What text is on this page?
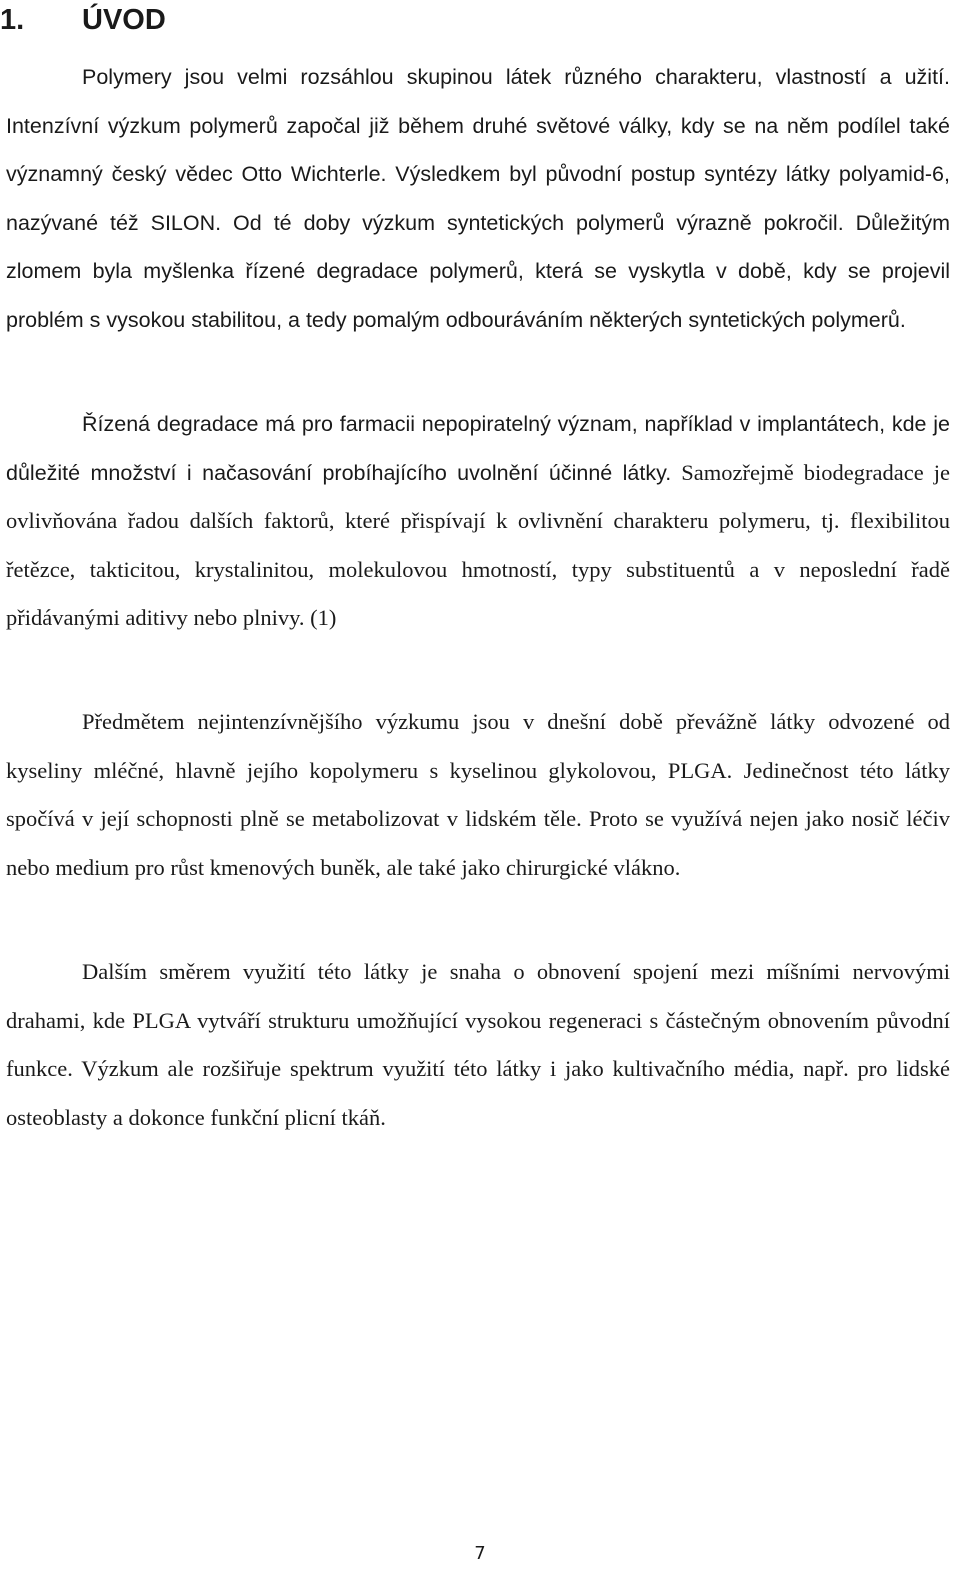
1. ÚVOD

Polymery jsou velmi rozsáhlou skupinou látek různého charakteru, vlastností a užití. Intenzívní výzkum polymerů započal již během druhé světové války, kdy se na něm podílel také významný český vědec Otto Wichterle. Výsledkem byl původní postup syntézy látky polyamid-6, nazývané též SILON. Od té doby výzkum syntetických polymerů výrazně pokročil. Důležitým zlomem byla myšlenka řízené degradace polymerů, která se vyskytla v době, kdy se projevil problém s vysokou stabilitou, a tedy pomalým odbouráváním některých syntetických polymerů.

Řízená degradace má pro farmacii nepopiratelný význam, například v implantátech, kde je důležité množství i načasování probíhajícího uvolnění účinné látky. Samozřejmě biodegradace je ovlivňována řadou dalších faktorů, které přispívají k ovlivnění charakteru polymeru, tj. flexibilitou řetězce, takticitou, krystalinitou, molekulovou hmotností, typy substituentů a v neposlední řadě přidávanými aditivy nebo plnivy. (1)

Předmětem nejintenzívnějšího výzkumu jsou v dnešní době převážně látky odvozené od kyseliny mléčné, hlavně jejího kopolymeru s kyselinou glykolovou, PLGA. Jedinečnost této látky spočívá v její schopnosti plně se metabolizovat v lidském těle. Proto se využívá nejen jako nosič léčiv nebo medium pro růst kmenových buněk, ale také jako chirurgické vlákno.

Dalším směrem využití této látky je snaha o obnovení spojení mezi míšními nervovými drahami, kde PLGA vytváří strukturu umožňující vysokou regeneraci s částečným obnovením původní funkce. Výzkum ale rozšiřuje spektrum využití této látky i jako kultivačního média, např. pro lidské osteoblasty a dokonce funkční plicní tkáň.

7
